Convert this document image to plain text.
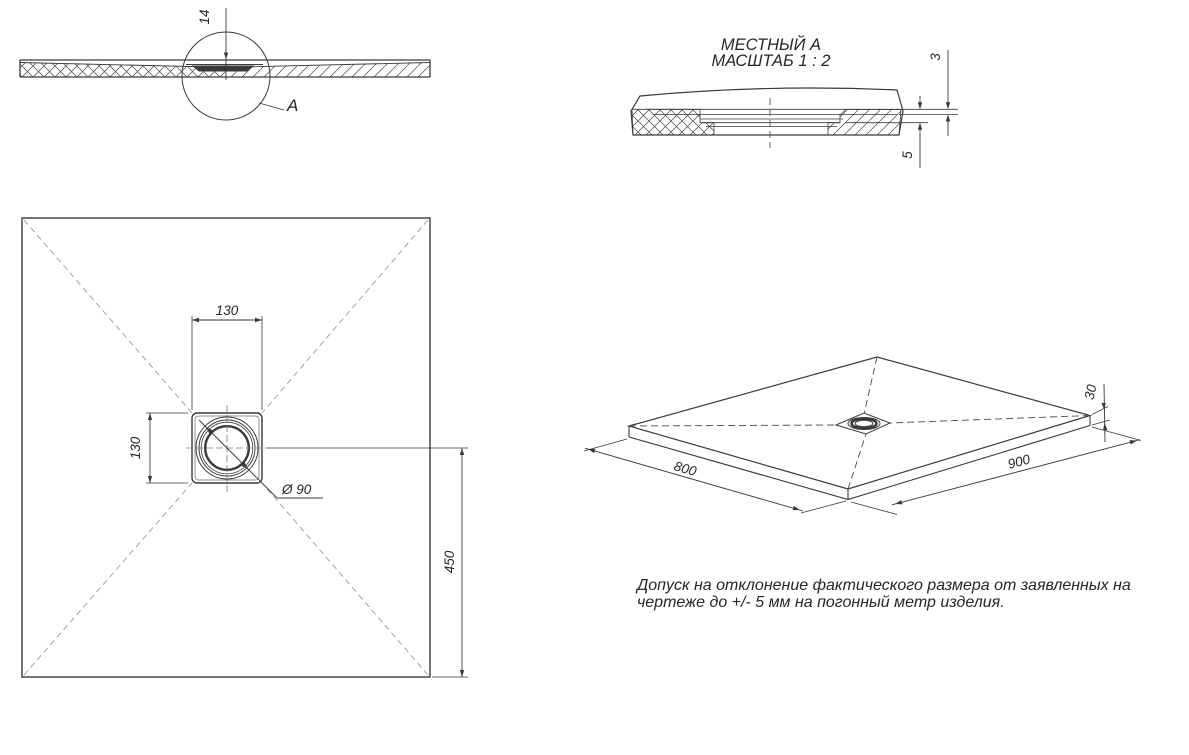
14
A
МЕСТНЫЙ А
МАСШТАБ 1 : 2	3
5
130
130
Ø 90
450
800	900
30
Допуск на отклонение фактического размера от заявленных на
чертеже до +/- 5 мм на погонный метр изделия.
